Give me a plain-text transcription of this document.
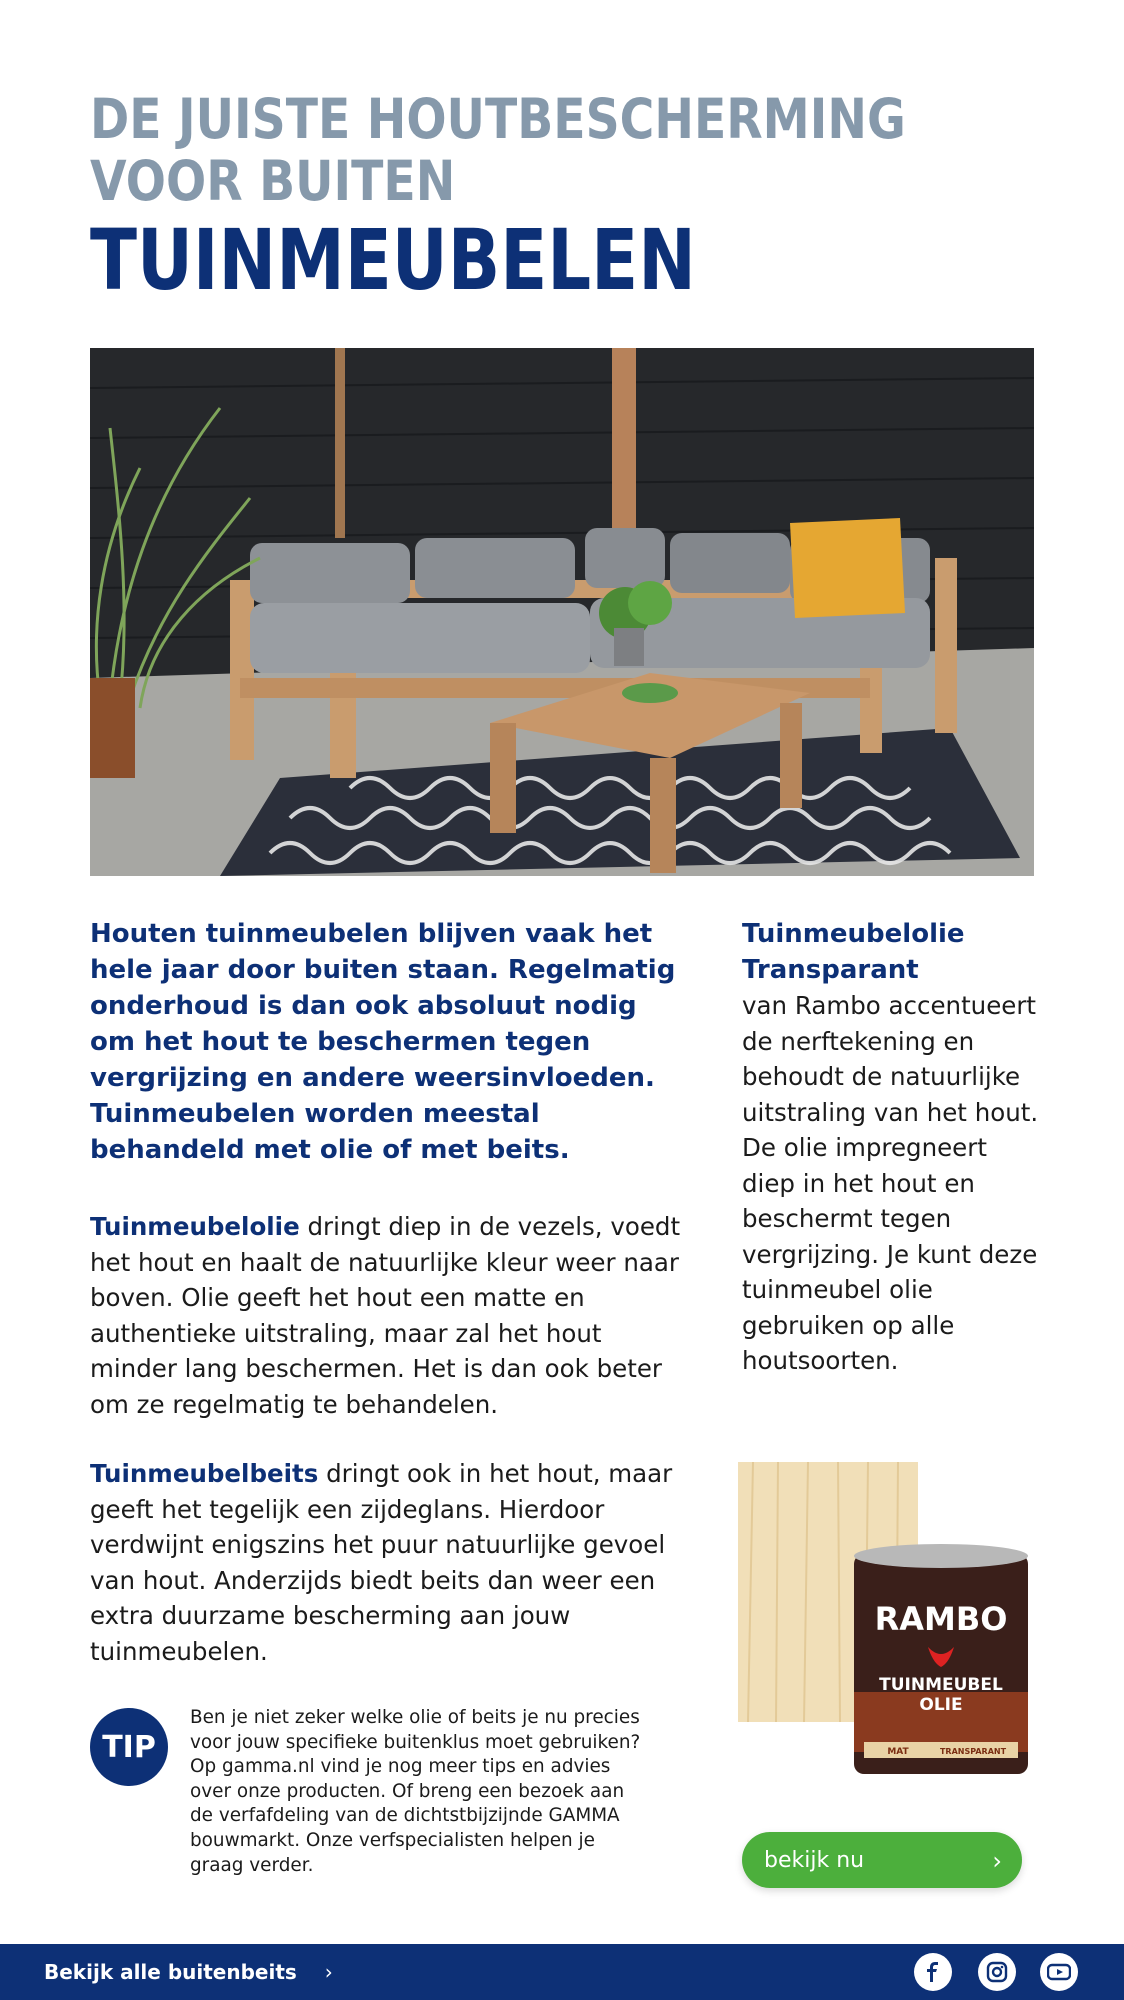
DE JUISTE HOUTBESCHERMING
VOOR BUITEN
TUINMEUBELEN

Houten tuinmeubelen blijven vaak het hele jaar door buiten staan. Regelmatig onderhoud is dan ook absoluut nodig om het hout te beschermen tegen vergrijzing en andere weersinvloeden. Tuinmeubelen worden meestal behandeld met olie of met beits.

Tuinmeubelolie dringt diep in de vezels, voedt het hout en haalt de natuurlijke kleur weer naar boven. Olie geeft het hout een matte en authentieke uitstraling, maar zal het hout minder lang beschermen. Het is dan ook beter om ze regelmatig te behandelen.

Tuinmeubelbeits dringt ook in het hout, maar geeft het tegelijk een zijdeglans. Hierdoor verdwijnt enigszins het puur natuurlijke gevoel van hout. Anderzijds biedt beits dan weer een extra duurzame bescherming aan jouw tuinmeubelen.

TIP

Ben je niet zeker welke olie of beits je nu precies voor jouw specifieke buitenklus moet gebruiken? Op gamma.nl vind je nog meer tips en advies over onze producten. Of breng een bezoek aan de verfafdeling van de dichtstbijzijnde GAMMA bouwmarkt. Onze verfspecialisten helpen je graag verder.

Tuinmeubelolie Transparant

van Rambo accentueert de nerftekening en behoudt de natuurlijke uitstraling van het hout. De olie impregneert diep in het hout en beschermt tegen vergrijzing. Je kunt deze tuinmeubel olie gebruiken op alle houtsoorten.

RAMBO
TUINMEUBEL
OLIE
MAT	TRANSPARANT
bekijk nu	›
Bekijk alle buitenbeits ›
